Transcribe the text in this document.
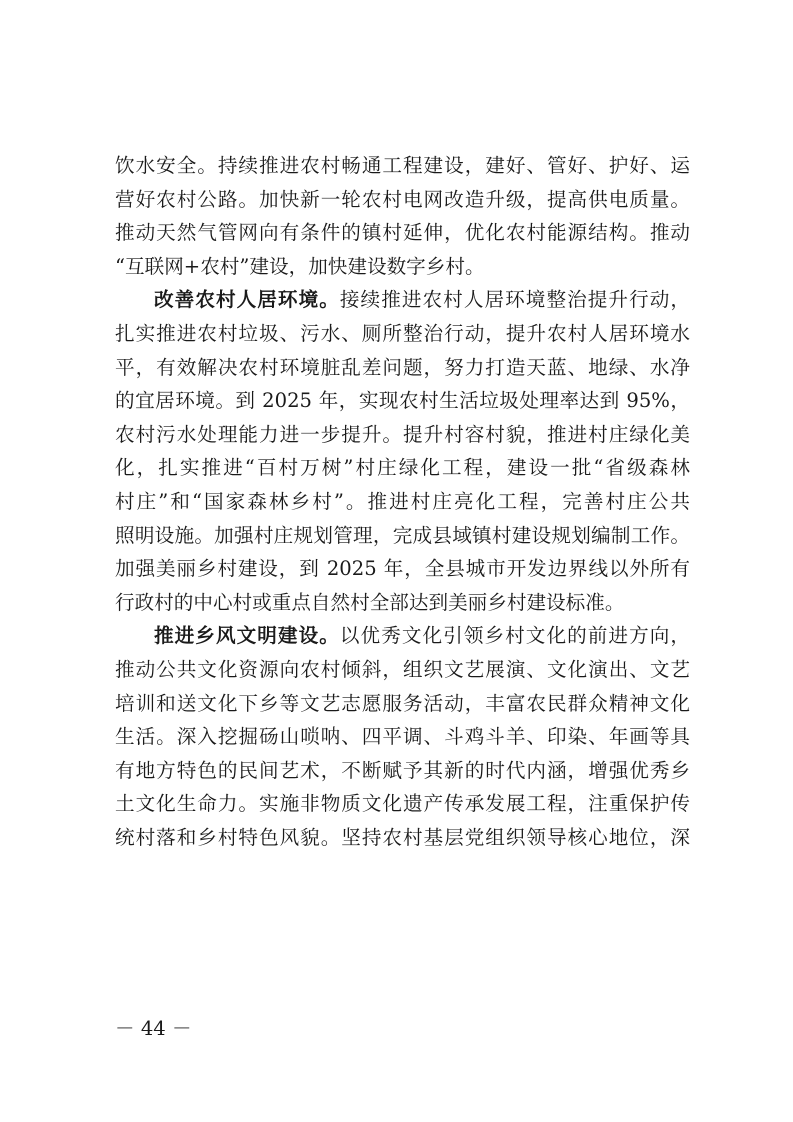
饮水安全。持续推进农村畅通工程建设，建好、管好、护好、运
营好农村公路。加快新一轮农村电网改造升级，提高供电质量。
推动天然气管网向有条件的镇村延伸，优化农村能源结构。推动
“互联网+农村”建设，加快建设数字乡村。
改善农村人居环境。接续推进农村人居环境整治提升行动，
扎实推进农村垃圾、污水、厕所整治行动，提升农村人居环境水
平，有效解决农村环境脏乱差问题，努力打造天蓝、地绿、水净
的宜居环境。到 2025 年，实现农村生活垃圾处理率达到 95%，
农村污水处理能力进一步提升。提升村容村貌，推进村庄绿化美
化，扎实推进“百村万树”村庄绿化工程，建设一批“省级森林
村庄”和“国家森林乡村”。推进村庄亮化工程，完善村庄公共
照明设施。加强村庄规划管理，完成县域镇村建设规划编制工作。
加强美丽乡村建设，到 2025 年，全县城市开发边界线以外所有
行政村的中心村或重点自然村全部达到美丽乡村建设标准。
推进乡风文明建设。以优秀文化引领乡村文化的前进方向，
推动公共文化资源向农村倾斜，组织文艺展演、文化演出、文艺
培训和送文化下乡等文艺志愿服务活动，丰富农民群众精神文化
生活。深入挖掘砀山唢呐、四平调、斗鸡斗羊、印染、年画等具
有地方特色的民间艺术，不断赋予其新的时代内涵，增强优秀乡
土文化生命力。实施非物质文化遗产传承发展工程，注重保护传
统村落和乡村特色风貌。坚持农村基层党组织领导核心地位，深
－ 44 －
